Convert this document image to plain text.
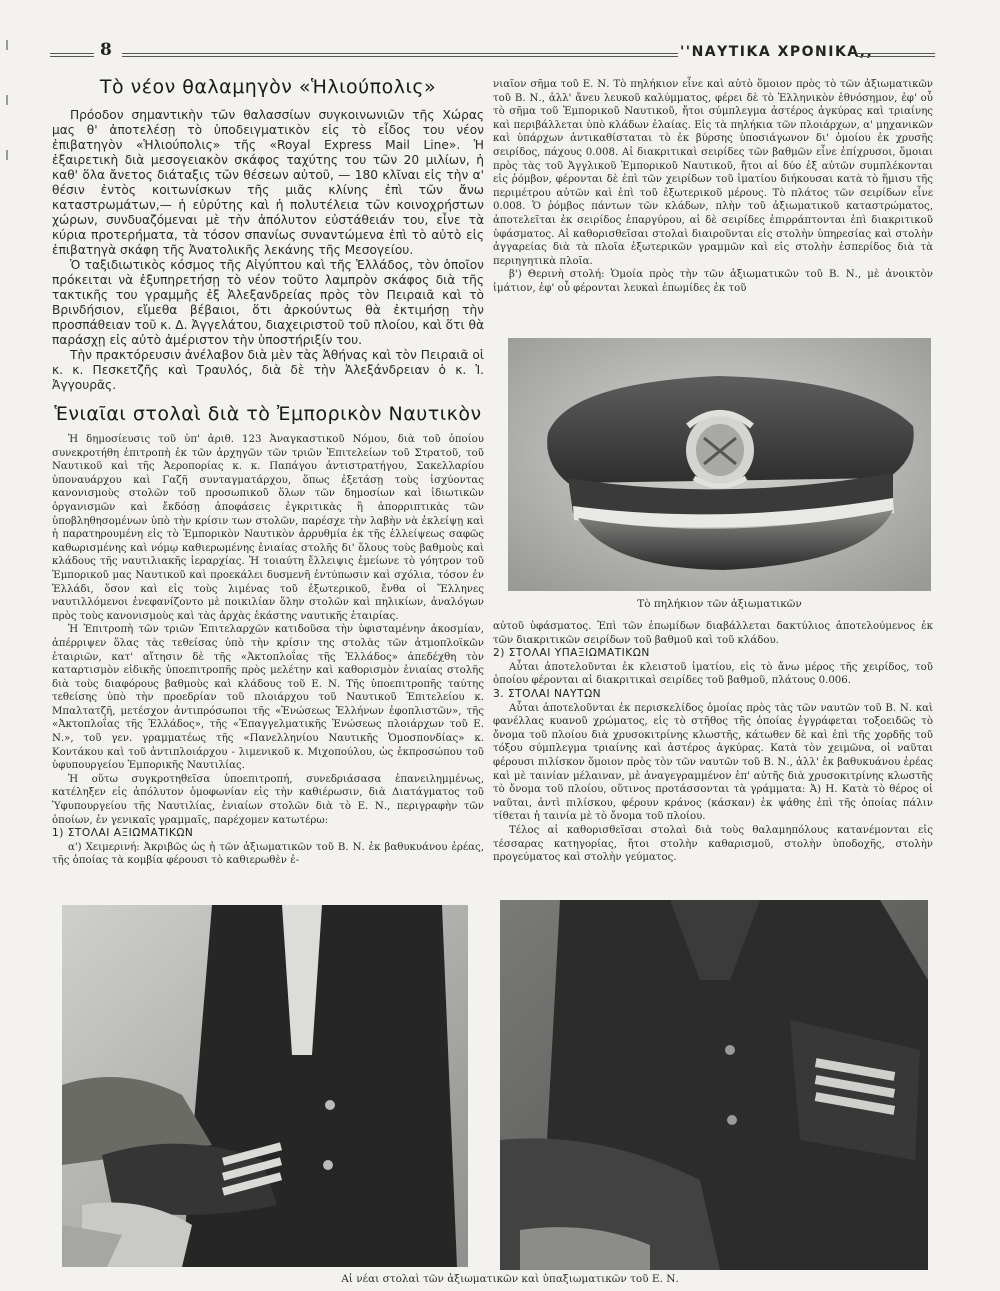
8	''ΝΑΥΤΙΚΑ ΧΡΟΝΙΚΑ,,
Τὸ νέον θαλαμηγὸν «Ἡλιούπολις»

Πρόοδον σημαντικὴν τῶν θαλασσίων συγκοινωνιῶν τῆς Χώρας μας θ' ἀποτελέσῃ τὸ ὑποδειγματικὸν εἰς τὸ εἶδος του νέον ἐπιβατηγὸν «Ἡλιούπολις» τῆς «Royal Express Mail Line». Ἡ ἐξαιρετικὴ διὰ μεσογειακὸν σκάφος ταχύτης του τῶν 20 μιλίων, ἡ καθ' ὅλα ἄνετος διάταξις τῶν θέσεων αὐτοῦ, — 180 κλῖναι εἰς τὴν α' θέσιν ἐντὸς κοιτωνίσκων τῆς μιᾶς κλίνης ἐπὶ τῶν ἄνω καταστρωμάτων,— ἡ εὐρύτης καὶ ἡ πολυτέλεια τῶν κοινοχρήστων χώρων, συνδυαζόμεναι μὲ τὴν ἀπόλυτον εὐστάθειάν του, εἶνε τὰ κύρια προτερήματα, τὰ τόσον σπανίως συναντώμενα ἐπὶ τὸ αὐτὸ εἰς ἐπιβατηγὰ σκάφη τῆς Ἀνατολικῆς λεκάνης τῆς Μεσογείου.

Ὁ ταξιδιωτικὸς κόσμος τῆς Αἰγύπτου καὶ τῆς Ἑλλάδος, τὸν ὁποῖον πρόκειται νὰ ἐξυπηρετήσῃ τὸ νέον τοῦτο λαμπρὸν σκάφος διὰ τῆς τακτικῆς του γραμμῆς ἐξ Ἀλεξανδρείας πρὸς τὸν Πειραιᾶ καὶ τὸ Βρινδήσιον, εἴμεθα βέβαιοι, ὅτι ἀρκούντως θὰ ἐκτιμήσῃ τὴν προσπάθειαν τοῦ κ. Δ. Ἀγγελάτου, διαχειριστοῦ τοῦ πλοίου, καὶ ὅτι θὰ παράσχῃ εἰς αὐτὸ ἀμέριστον τὴν ὑποστήριξίν του.

Τὴν πρακτόρευσιν ἀνέλαβον διὰ μὲν τὰς Ἀθήνας καὶ τὸν Πειραιᾶ οἱ κ. κ. Πεσκετζῆς καὶ Τραυλός, διὰ δὲ τὴν Ἀλεξάνδρειαν ὁ κ. Ἰ. Ἀγγουρᾶς.

Ἑνιαῖαι στολαὶ διὰ τὸ Ἐμπορικὸν Ναυτικὸν

Ἡ δημοσίευσις τοῦ ὑπ' ἀριθ. 123 Ἀναγκαστικοῦ Νόμου, διὰ τοῦ ὁποίου συνεκροτήθη ἐπιτροπὴ ἐκ τῶν ἀρχηγῶν τῶν τριῶν Ἐπιτελείων τοῦ Στρατοῦ, τοῦ Ναυτικοῦ καὶ τῆς Ἀεροπορίας κ. κ. Παπάγου ἀντιστρατήγου, Σακελλαρίου ὑποναυάρχου καὶ Γαζῆ συνταγματάρχου, ὅπως ἐξετάσῃ τοὺς ἰσχύοντας κανονισμοὺς στολῶν τοῦ προσωπικοῦ ὅλων τῶν δημοσίων καὶ ἰδιωτικῶν ὀργανισμῶν καὶ ἔκδόσῃ ἀποφάσεις ἐγκριτικὰς ἢ ἀπορριπτικὰς τῶν ὑποβληθησομένων ὑπὸ τὴν κρίσιν των στολῶν, παρέσχε τὴν λαβὴν νὰ ἐκλείψῃ καὶ ἡ παρατηρουμένη εἰς τὸ Ἐμπορικὸν Ναυτικὸν ἀρρυθμία ἐκ τῆς ἐλλείψεως σαφῶς καθωρισμένης καὶ νόμῳ καθιερωμένης ἑνιαίας στολῆς δι' ὅλους τοὺς βαθμοὺς καὶ κλάδους τῆς ναυτιλιακῆς ἱεραρχίας. Ἡ τοιαύτη ἔλλειψις ἐμείωνε τὸ γόητρον τοῦ Ἐμπορικοῦ μας Ναυτικοῦ καὶ προεκάλει δυσμενῆ ἐντύπωσιν καὶ σχόλια, τόσον ἐν Ἑλλάδι, ὅσον καὶ εἰς τοὺς λιμένας τοῦ ἐξωτερικοῦ, ἔνθα οἱ Ἕλληνες ναυτιλλόμενοι ἐνεφανίζοντο μὲ ποικιλίαν ὅλην στολῶν καὶ πηλικίων, ἀναλόγων πρὸς τοὺς κανονισμοὺς καὶ τὰς ἀρχὰς ἑκάστης ναυτικῆς ἑταιρίας.

Ἡ Ἐπιτροπὴ τῶν τριῶν Ἐπιτελαρχῶν κατιδοῦσα τὴν ὑφισταμένην ἀκοσμίαν, ἀπέρριψεν ὅλας τὰς τεθείσας ὑπὸ τὴν κρίσιν της στολὰς τῶν ἀτμοπλοϊκῶν ἑταιριῶν, κατ' αἴτησιν δὲ τῆς «Ἀκτοπλοΐας τῆς Ἑλλάδος» ἀπεδέχθη τὸν καταρτισμὸν εἰδικῆς ὑποεπιτροπῆς πρὸς μελέτην καὶ καθορισμὸν ἑνιαίας στολῆς διὰ τοὺς διαφόρους βαθμοὺς καὶ κλάδους τοῦ Ε. Ν. Τῆς ὑποεπιτροπῆς ταύτης τεθείσης ὑπὸ τὴν προεδρίαν τοῦ πλοιάρχου τοῦ Ναυτικοῦ Ἐπιτελείου κ. Μπαλτατζῆ, μετέσχον ἀντιπρόσωποι τῆς «Ἑνώσεως Ἑλλήνων ἐφοπλιστῶν», τῆς «Ἀκτοπλοΐας τῆς Ἑλλάδος», τῆς «Ἐπαγγελματικῆς Ἑνώσεως πλοιάρχων τοῦ Ε. Ν.», τοῦ γεν. γραμματέως τῆς «Πανελληνίου Ναυτικῆς Ὁμοσπονδίας» κ. Κοντάκου καὶ τοῦ ἀντιπλοιάρχου - λιμενικοῦ κ. Μιχοπούλου, ὡς ἐκπροσώπου τοῦ ὑφυπουργείου Ἐμπορικῆς Ναυτιλίας.

Ἡ οὕτω συγκροτηθεῖσα ὑποεπιτροπή, συνεδριάσασα ἐπανειλημμένως, κατέληξεν εἰς ἀπόλυτον ὁμοφωνίαν εἰς τὴν καθιέρωσιν, διὰ Διατάγματος τοῦ Ὑφυπουργείου τῆς Ναυτιλίας, ἑνιαίων στολῶν διὰ τὸ Ε. Ν., περιγραφὴν τῶν ὁποίων, ἐν γενικαῖς γραμμαῖς, παρέχομεν κατωτέρω:

1) ΣΤΟΛΑΙ ΑΞΙΩΜΑΤΙΚΩΝ

α') Χειμερινή: Ἀκριβῶς ὡς ἡ τῶν ἀξιωματικῶν τοῦ Β. Ν. ἐκ βαθυκυάνου ἐρέας, τῆς ὁποίας τὰ κομβία φέρουσι τὸ καθιερωθὲν ἐ-

νιαῖον σῆμα τοῦ Ε. Ν. Τὸ πηλήκιον εἶνε καὶ αὐτὸ ὅμοιον πρὸς τὸ τῶν ἀξιωματικῶν τοῦ Β. Ν., ἀλλ' ἄνευ λευκοῦ καλύμματος, φέρει δὲ τὸ Ἑλληνικὸν ἐθνόσημον, ἐφ' οὗ τὸ σῆμα τοῦ Ἐμπορικοῦ Ναυτικοῦ, ἤτοι σύμπλεγμα ἀστέρος ἀγκύρας καὶ τριαίνης καὶ περιβάλλεται ὑπὸ κλάδων ἐλαίας. Εἰς τὰ πηλήκια τῶν πλοιάρχων, α' μηχανικῶν καὶ ὑπάρχων ἀντικαθίσταται τὸ ἐκ βύρσης ὑποσιάγωνον δι' ὁμοίου ἐκ χρυσῆς σειρίδος, πάχους 0.008. Αἱ διακριτικαὶ σειρίδες τῶν βαθμῶν εἶνε ἐπίχρυσοι, ὅμοιαι πρὸς τὰς τοῦ Ἀγγλικοῦ Ἐμπορικοῦ Ναυτικοῦ, ἤτοι αἱ δύο ἐξ αὐτῶν συμπλέκονται εἰς ῥόμβον, φέρονται δὲ ἐπὶ τῶν χειρίδων τοῦ ἱματίου διήκουσαι κατὰ τὸ ἥμισυ τῆς περιμέτρου αὐτῶν καὶ ἐπὶ τοῦ ἐξωτερικοῦ μέρους. Τὸ πλάτος τῶν σειρίδων εἶνε 0.008. Ὁ ῥόμβος πάντων τῶν κλάδων, πλὴν τοῦ ἀξιωματικοῦ καταστρώματος, ἀποτελεῖται ἐκ σειρίδος ἐπαργύρου, αἱ δὲ σειρίδες ἐπιρράπτονται ἐπὶ διακριτικοῦ ὑφάσματος. Αἱ καθορισθεῖσαι στολαὶ διαιροῦνται εἰς στολὴν ὑπηρεσίας καὶ στολὴν ἀγγαρείας διὰ τὰ πλοῖα ἐξωτερικῶν γραμμῶν καὶ εἰς στολὴν ἑσπερίδος διὰ τὰ περιηγητικὰ πλοῖα.

β') Θερινὴ στολή: Ὁμοία πρὸς τὴν τῶν ἀξιωματικῶν τοῦ Β. Ν., μὲ ἀνοικτὸν ἱμάτιον, ἐφ' οὗ φέρονται λευκαὶ ἐπωμίδες ἐκ τοῦ

Τὸ πηλήκιον τῶν ἀξιωματικῶν

αὐτοῦ ὑφάσματος. Ἐπὶ τῶν ἐπωμίδων διαβάλλεται δακτύλιος ἀποτελούμενος ἐκ τῶν διακριτικῶν σειρίδων τοῦ βαθμοῦ καὶ τοῦ κλάδου.

2) ΣΤΟΛΑΙ ΥΠΑΞΙΩΜΑΤΙΚΩΝ

Αὗται ἀποτελοῦνται ἐκ κλειστοῦ ἱματίου, εἰς τὸ ἄνω μέρος τῆς χειρίδος, τοῦ ὁποίου φέρονται αἱ διακριτικαὶ σειρίδες τοῦ βαθμοῦ, πλάτους 0.006.

3. ΣΤΟΛΑΙ ΝΑΥΤΩΝ

Αὗται ἀποτελοῦνται ἐκ περισκελίδος ὁμοίας πρὸς τὰς τῶν ναυτῶν τοῦ Β. Ν. καὶ φανέλλας κυανοῦ χρώματος, εἰς τὸ στῆθος τῆς ὁποίας ἐγγράφεται τοξοειδῶς τὸ ὄνομα τοῦ πλοίου διὰ χρυσοκιτρίνης κλωστῆς, κάτωθεν δὲ καὶ ἐπὶ τῆς χορδῆς τοῦ τόξου σύμπλεγμα τριαίνης καὶ ἀστέρος ἀγκύρας. Κατὰ τὸν χειμῶνα, οἱ ναῦται φέρουσι πιλίσκον ὅμοιον πρὸς τὸν τῶν ναυτῶν τοῦ Β. Ν., ἀλλ' ἐκ βαθυκυάνου ἐρέας καὶ μὲ ταινίαν μέλαιναν, μὲ ἀναγεγραμμένον ἐπ' αὐτῆς διὰ χρυσοκιτρίνης κλωστῆς τὸ ὄνομα τοῦ πλοίου, οὕτινος προτάσσονται τὰ γράμματα: Ἀ) Η. Κατὰ τὸ θέρος οἱ ναῦται, ἀντὶ πιλίσκου, φέρουν κράνος (κάσκαν) ἐκ ψάθης ἐπὶ τῆς ὁποίας πάλιν τίθεται ἡ ταινία μὲ τὸ ὄνομα τοῦ πλοίου.

Τέλος αἱ καθορισθεῖσαι στολαὶ διὰ τοὺς θαλαμηπόλους κατανέμονται εἰς τέσσαρας κατηγορίας, ἤτοι στολὴν καθαρισμοῦ, στολὴν ὑποδοχῆς, στολὴν προγεύματος καὶ στολὴν γεύματος.

Αἱ νέαι στολαὶ τῶν ἀξιωματικῶν καὶ ὑπαξιωματικῶν τοῦ Ε. Ν.
